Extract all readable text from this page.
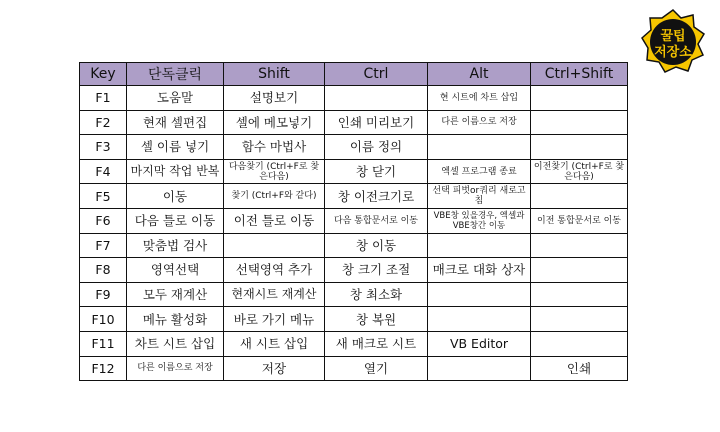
꿀팁
저장소
Key	단독클릭	Shift	Ctrl	Alt	Ctrl+Shift
F1	도움말	설명보기		현 시트에 차트 삽입	
F2	현재 셀편집	셀에 메모넣기	인쇄 미리보기	다른 이름으로 저장	
F3	셀 이름 넣기	함수 마법사	이름 정의		
F4	마지막 작업 반복	다음찾기 (Ctrl+F로 찾은다음)	창 닫기	엑셀 프로그램 종료	이전찾기 (Ctrl+F로 찾은다음)
F5	이동	찾기 (Ctrl+F와 같다)	창 이전크기로	선택 피벗or쿼리 새로고침	
F6	다음 틀로 이동	이전 틀로 이동	다음 통합문서로 이동	VBE창 있을경우, 엑셀과 VBE창간 이동	이전 통합문서로 이동
F7	맞춤법 검사		창 이동		
F8	영역선택	선택영역 추가	창 크기 조절	매크로 대화 상자	
F9	모두 재계산	현재시트 재계산	창 최소화		
F10	메뉴 활성화	바로 가기 메뉴	창 복원		
F11	차트 시트 삽입	새 시트 삽입	새 매크로 시트	VB Editor	
F12	다른 이름으로 저장	저장	열기		인쇄
